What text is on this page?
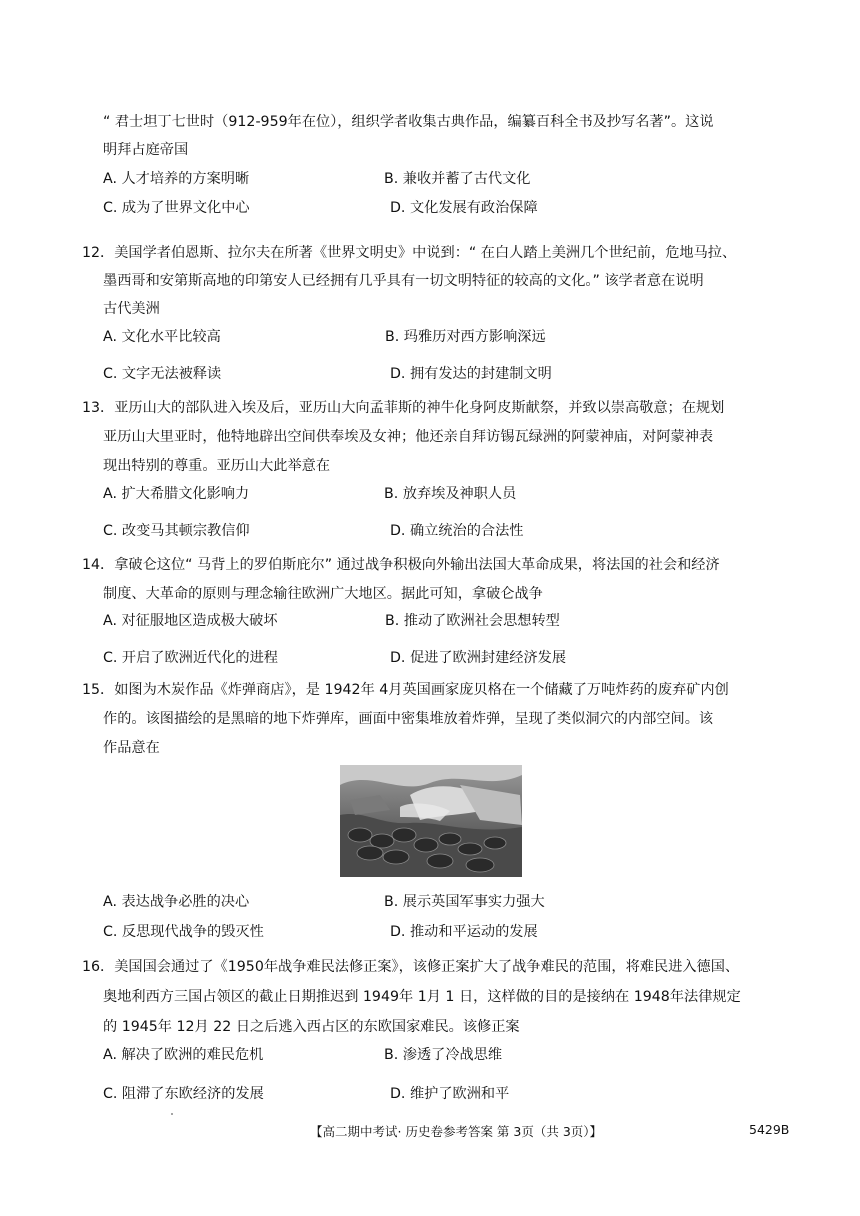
“ 君士坦丁七世时（912-959年在位），组织学者收集古典作品，编纂百科全书及抄写名著”。这说
明拜占庭帝国
A. 人才培养的方案明晰	B. 兼收并蓄了古代文化
C. 成为了世界文化中心	D. 文化发展有政治保障
12．美国学者伯恩斯、拉尔夫在所著《世界文明史》中说到：“ 在白人踏上美洲几个世纪前，危地马拉、
墨西哥和安第斯高地的印第安人已经拥有几乎具有一切文明特征的较高的文化。” 该学者意在说明
古代美洲
A. 文化水平比较高	B. 玛雅历对西方影响深远
C. 文字无法被释读	D. 拥有发达的封建制文明
13．亚历山大的部队进入埃及后，亚历山大向孟菲斯的神牛化身阿皮斯献祭，并致以崇高敬意；在规划
亚历山大里亚时，他特地辟出空间供奉埃及女神；他还亲自拜访锡瓦绿洲的阿蒙神庙，对阿蒙神表
现出特别的尊重。亚历山大此举意在
A. 扩大希腊文化影响力	B. 放弃埃及神职人员
C. 改变马其顿宗教信仰	D. 确立统治的合法性
14．拿破仑这位“ 马背上的罗伯斯庇尔” 通过战争积极向外输出法国大革命成果，将法国的社会和经济
制度、大革命的原则与理念输往欧洲广大地区。据此可知，拿破仑战争
A. 对征服地区造成极大破坏	B. 推动了欧洲社会思想转型
C. 开启了欧洲近代化的进程	D. 促进了欧洲封建经济发展
15．如图为木炭作品《炸弹商店》，是 1942年 4月英国画家庞贝格在一个储藏了万吨炸药的废弃矿内创
作的。该图描绘的是黑暗的地下炸弹库，画面中密集堆放着炸弹，呈现了类似洞穴的内部空间。该
作品意在
A. 表达战争必胜的决心	B. 展示英国军事实力强大
C. 反思现代战争的毁灭性	D. 推动和平运动的发展
16．美国国会通过了《1950年战争难民法修正案》，该修正案扩大了战争难民的范围，将难民进入德国、
奥地利西方三国占领区的截止日期推迟到 1949年 1月 1 日，这样做的目的是接纳在 1948年法律规定
的 1945年 12月 22 日之后逃入西占区的东欧国家难民。该修正案
A. 解决了欧洲的难民危机	B. 渗透了冷战思维
C. 阻滞了东欧经济的发展	D. 维护了欧洲和平
【高二期中考试· 历史卷参考答案 第 3页（共 3页）】	5429B
